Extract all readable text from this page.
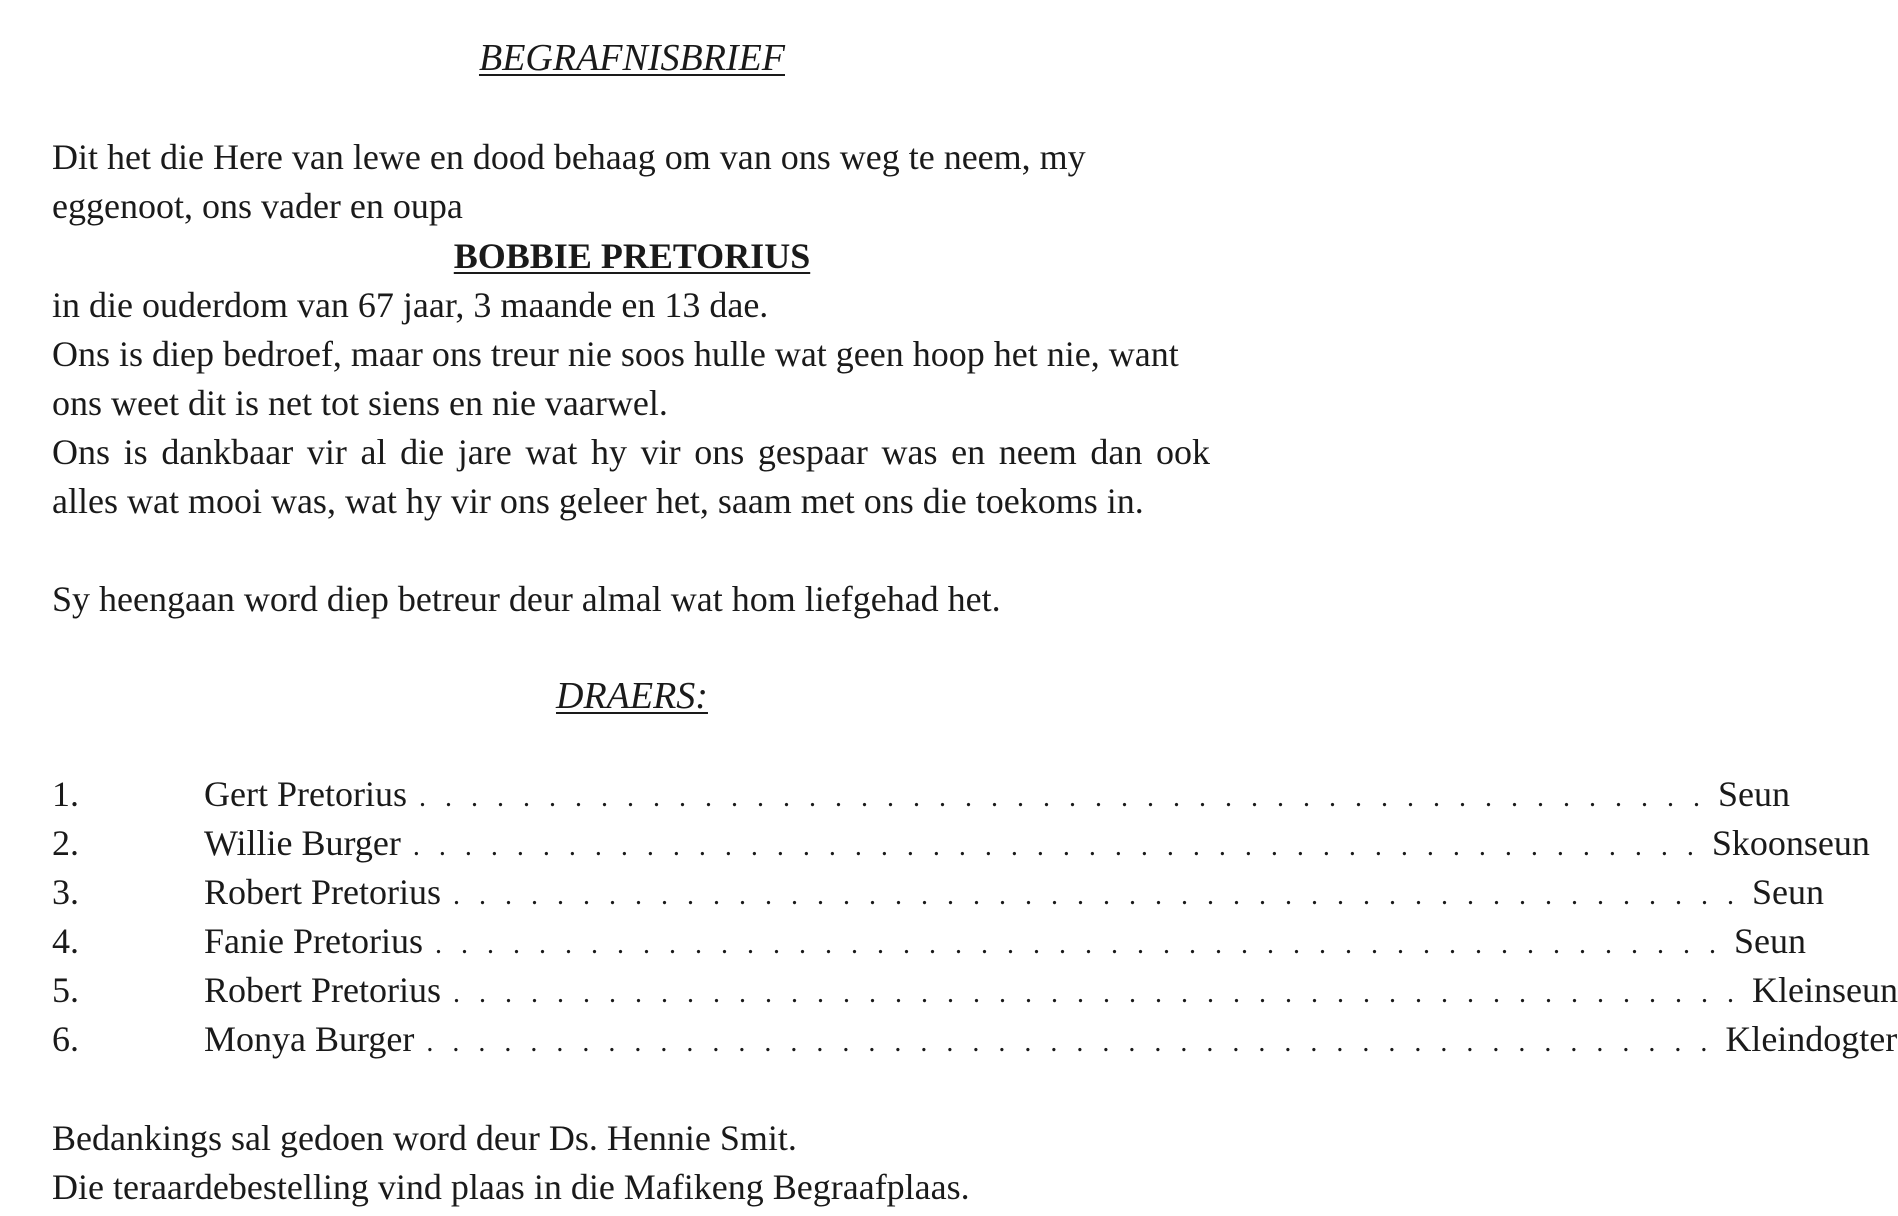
BEGRAFNISBRIEF

Dit het die Here van lewe en dood behaag om van ons weg te neem, my eggenoot, ons vader en oupa

BOBBIE PRETORIUS

in die ouderdom van 67 jaar, 3 maande en 13 dae.

Ons is diep bedroef, maar ons treur nie soos hulle wat geen hoop het nie, want ons weet dit is net tot siens en nie vaarwel.

Ons is dankbaar vir al die jare wat hy vir ons gespaar was en neem dan ook alles wat mooi was, wat hy vir ons geleer het, saam met ons die toekoms in.

Sy heengaan word diep betreur deur almal wat hom liefgehad het.

DRAERS:
1.	Gert Pretorius . . . . . . . . . . . . . . . . . . . . . . . . . . . . . . . . . . . . . . . . . . . . . . . . . . Seun
2.	Willie Burger . . . . . . . . . . . . . . . . . . . . . . . . . . . . . . . . . . . . . . . . . . . . . . . . . . Skoonseun
3.	Robert Pretorius . . . . . . . . . . . . . . . . . . . . . . . . . . . . . . . . . . . . . . . . . . . . . . . . . . Seun
4.	Fanie Pretorius . . . . . . . . . . . . . . . . . . . . . . . . . . . . . . . . . . . . . . . . . . . . . . . . . . Seun
5.	Robert Pretorius . . . . . . . . . . . . . . . . . . . . . . . . . . . . . . . . . . . . . . . . . . . . . . . . . . Kleinseun
6.	Monya Burger . . . . . . . . . . . . . . . . . . . . . . . . . . . . . . . . . . . . . . . . . . . . . . . . . . Kleindogter

Bedankings sal gedoen word deur Ds. Hennie Smit.

Die teraardebestelling vind plaas in die Mafikeng Begraafplaas.
